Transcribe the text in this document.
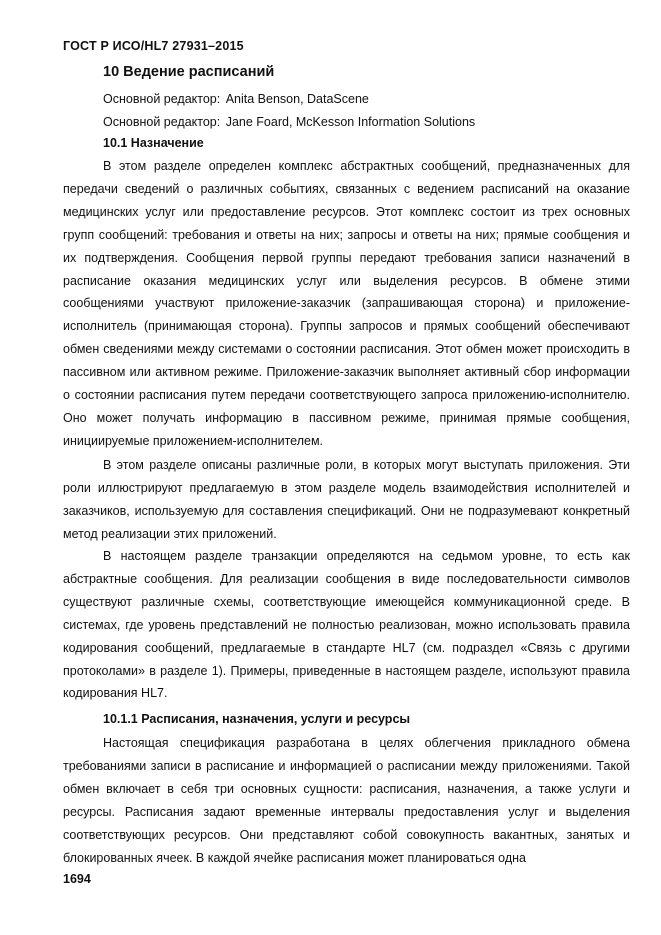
ГОСТ Р ИСО/HL7 27931–2015
10 Ведение расписаний
Основной редактор: Anita Benson, DataScene
Основной редактор: Jane Foard, McKesson Information Solutions
10.1 Назначение

В этом разделе определен комплекс абстрактных сообщений, предназначенных для передачи сведений о различных событиях, связанных с ведением расписаний на оказание медицинских услуг или предоставление ресурсов. Этот комплекс состоит из трех основных групп сообщений: требования и ответы на них; запросы и ответы на них; прямые сообщения и их подтверждения. Сообщения первой группы передают требования записи назначений в расписание оказания медицинских услуг или выделения ресурсов. В обмене этими сообщениями участвуют приложение-заказчик (запрашивающая сторона) и приложение-исполнитель (принимающая сторона). Группы запросов и прямых сообщений обеспечивают обмен сведениями между системами о состоянии расписания. Этот обмен может происходить в пассивном или активном режиме. Приложение-заказчик выполняет активный сбор информации о состоянии расписания путем передачи соответствующего запроса приложению-исполнителю. Оно может получать информацию в пассивном режиме, принимая прямые сообщения, инициируемые приложением-исполнителем.

В этом разделе описаны различные роли, в которых могут выступать приложения. Эти роли иллюстрируют предлагаемую в этом разделе модель взаимодействия исполнителей и заказчиков, используемую для составления спецификаций. Они не подразумевают конкретный метод реализации этих приложений.

В настоящем разделе транзакции определяются на седьмом уровне, то есть как абстрактные сообщения. Для реализации сообщения в виде последовательности символов существуют различные схемы, соответствующие имеющейся коммуникационной среде. В системах, где уровень представлений не полностью реализован, можно использовать правила кодирования сообщений, предлагаемые в стандарте HL7 (см. подраздел «Связь с другими протоколами» в разделе 1). Примеры, приведенные в настоящем разделе, используют правила кодирования HL7.

10.1.1 Расписания, назначения, услуги и ресурсы

Настоящая спецификация разработана в целях облегчения прикладного обмена требованиями записи в расписание и информацией о расписании между приложениями. Такой обмен включает в себя три основных сущности: расписания, назначения, а также услуги и ресурсы. Расписания задают временные интервалы предоставления услуг и выделения соответствующих ресурсов. Они представляют собой совокупность вакантных, занятых и блокированных ячеек. В каждой ячейке расписания может планироваться одна

1694
